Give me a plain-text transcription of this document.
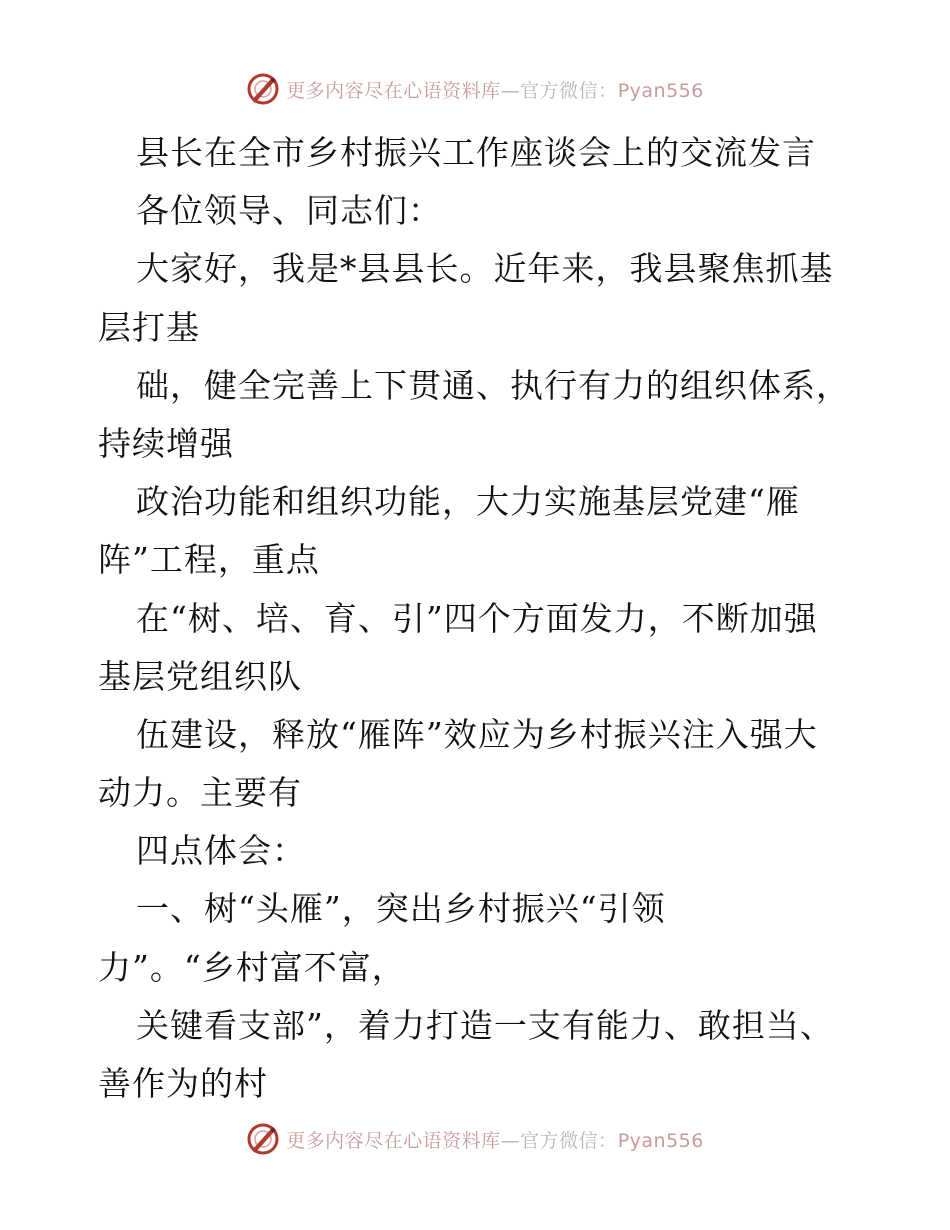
更多内容尽在心语资料库—官方微信：Pyan556
县长在全市乡村振兴工作座谈会上的交流发言
各位领导、同志们：
大家好，我是*县县长。近年来，我县聚焦抓基
层打基
础，健全完善上下贯通、执行有力的组织体系，
持续增强
政治功能和组织功能，大力实施基层党建“雁
阵”工程，重点
在“树、培、育、引”四个方面发力，不断加强
基层党组织队
伍建设，释放“雁阵”效应为乡村振兴注入强大
动力。主要有
四点体会：
一、树“头雁”，突出乡村振兴“引领
力”。“乡村富不富，
关键看支部”，着力打造一支有能力、敢担当、
善作为的村
更多内容尽在心语资料库—官方微信：Pyan556
